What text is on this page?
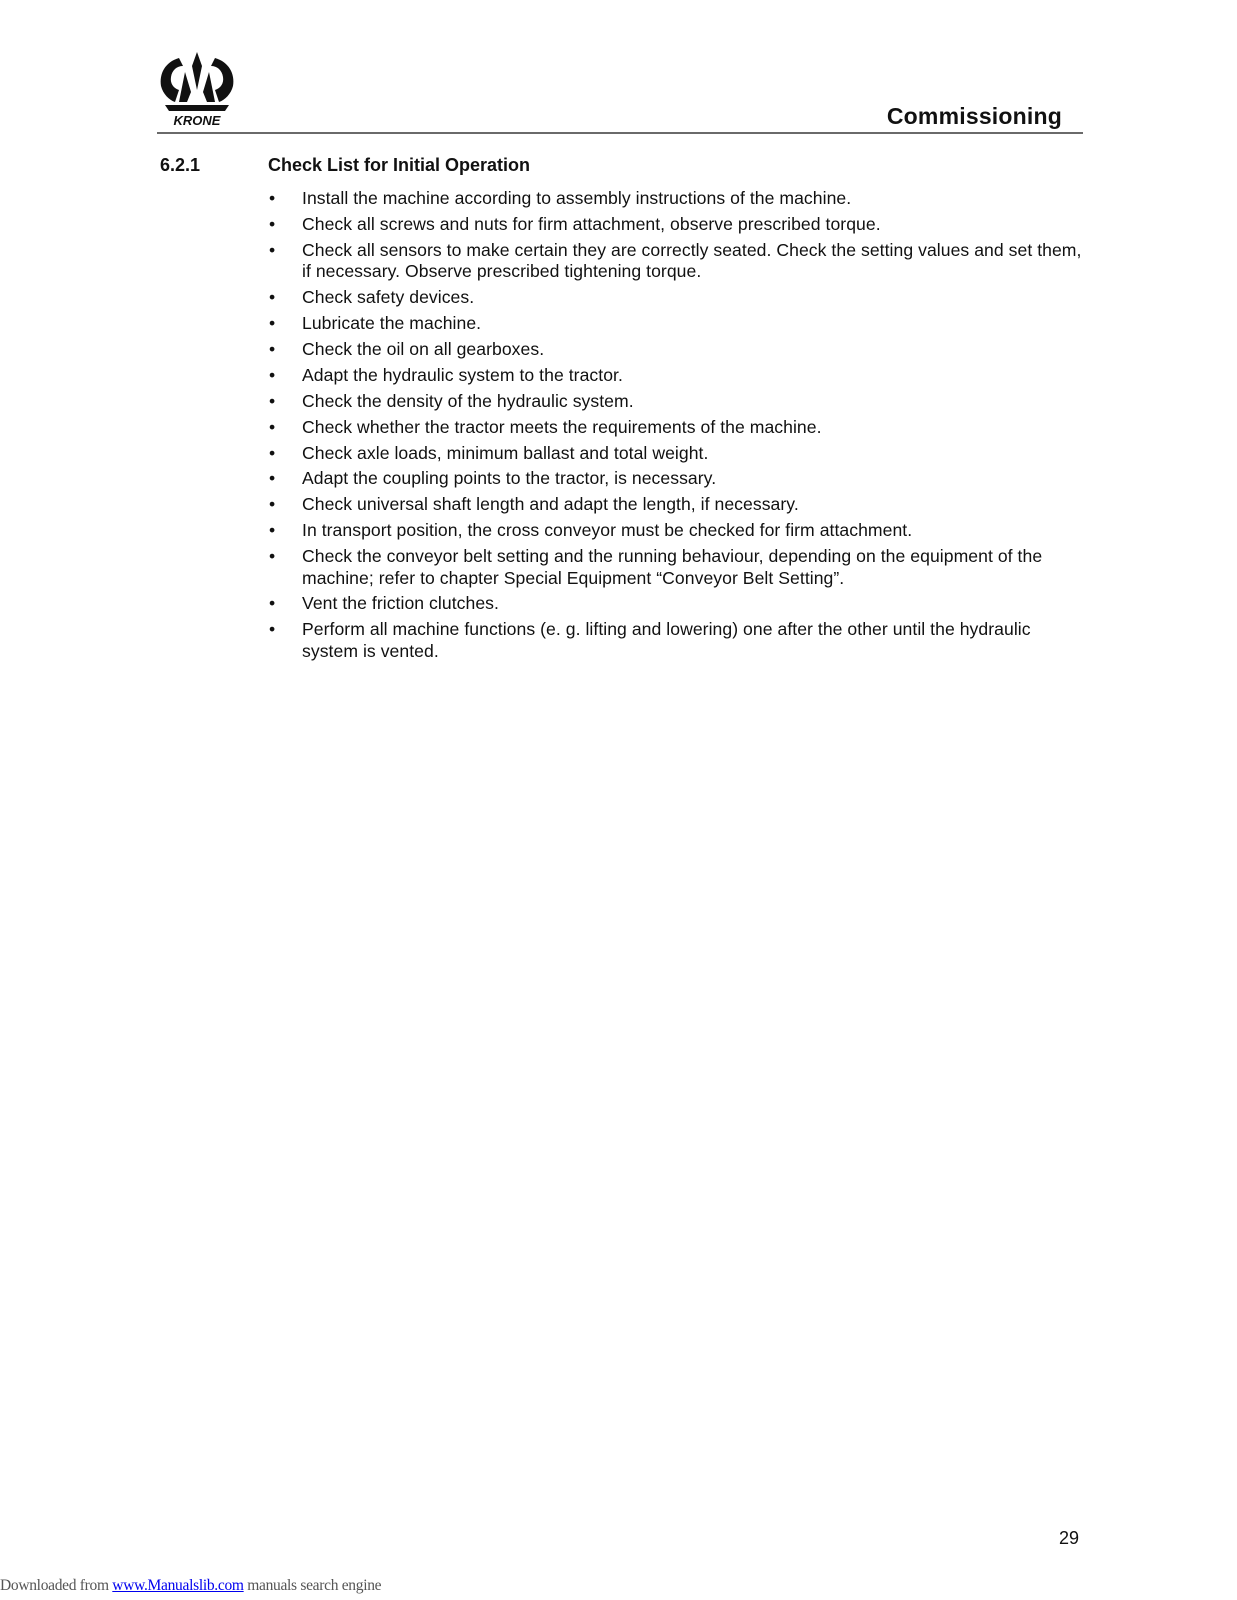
KRONE	Commissioning
6.2.1	Check List for Initial Operation
• Install the machine according to assembly instructions of the machine.
• Check all screws and nuts for firm attachment, observe prescribed torque.
• Check all sensors to make certain they are correctly seated. Check the setting values and set them, if necessary. Observe prescribed tightening torque.
• Check safety devices.
• Lubricate the machine.
• Check the oil on all gearboxes.
• Adapt the hydraulic system to the tractor.
• Check the density of the hydraulic system.
• Check whether the tractor meets the requirements of the machine.
• Check axle loads, minimum ballast and total weight.
• Adapt the coupling points to the tractor, is necessary.
• Check universal shaft length and adapt the length, if necessary.
• In transport position, the cross conveyor must be checked for firm attachment.
• Check the conveyor belt setting and the running behaviour, depending on the equipment of the machine; refer to chapter Special Equipment “Conveyor Belt Setting”.
• Vent the friction clutches.
• Perform all machine functions (e. g. lifting and lowering) one after the other until the hydraulic system is vented.
29
Downloaded from www.Manualslib.com manuals search engine
